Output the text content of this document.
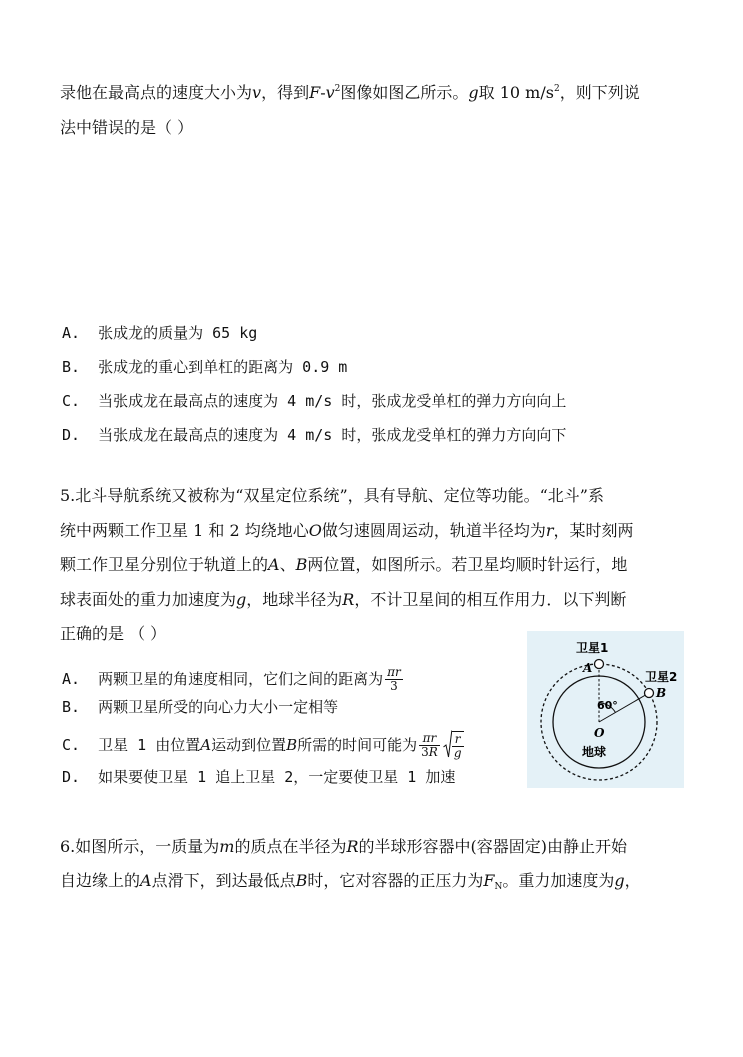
录他在最高点的速度大小为v，得到$F-v^2$图像如图乙所示。g取 10 $m/s^2$，则下列说
法中错误的是（ ）
A. 张成龙的质量为 65 kg
B. 张成龙的重心到单杠的距离为 0.9 m
C. 当张成龙在最高点的速度为 4 m/s 时，张成龙受单杠的弹力方向向上
D. 当张成龙在最高点的速度为 4 m/s 时，张成龙受单杠的弹力方向向下
5.北斗导航系统又被称为“双星定位系统”，具有导航、定位等功能。“北斗”系
统中两颗工作卫星 1 和 2 均绕地心O做匀速圆周运动，轨道半径均为r，某时刻两
颗工作卫星分别位于轨道上的A、B两位置，如图所示。若卫星均顺时针运行，地
球表面处的重力加速度为g，地球半径为R，不计卫星间的相互作用力．以下判断
正确的是 （ ）
A. 两颗卫星的角速度相同，它们之间的距离为 $\frac{\pi r}{3}$
B. 两颗卫星所受的向心力大小一定相等
C. 卫星 1 由位置A运动到位置B所需的时间可能为 $\frac{\pi r}{3R} \frac{r}{g}$
D. 如果要使卫星 1 追上卫星 2，一定要使卫星 1 加速
卫星1
卫星2
A
B
O
60°
地球
6.如图所示，一质量为m的质点在半径为R的半球形容器中(容器固定)由静止开始
自边缘上的A点滑下，到达最低点B时，它对容器的正压力为$F_N$。重力加速度为g，
